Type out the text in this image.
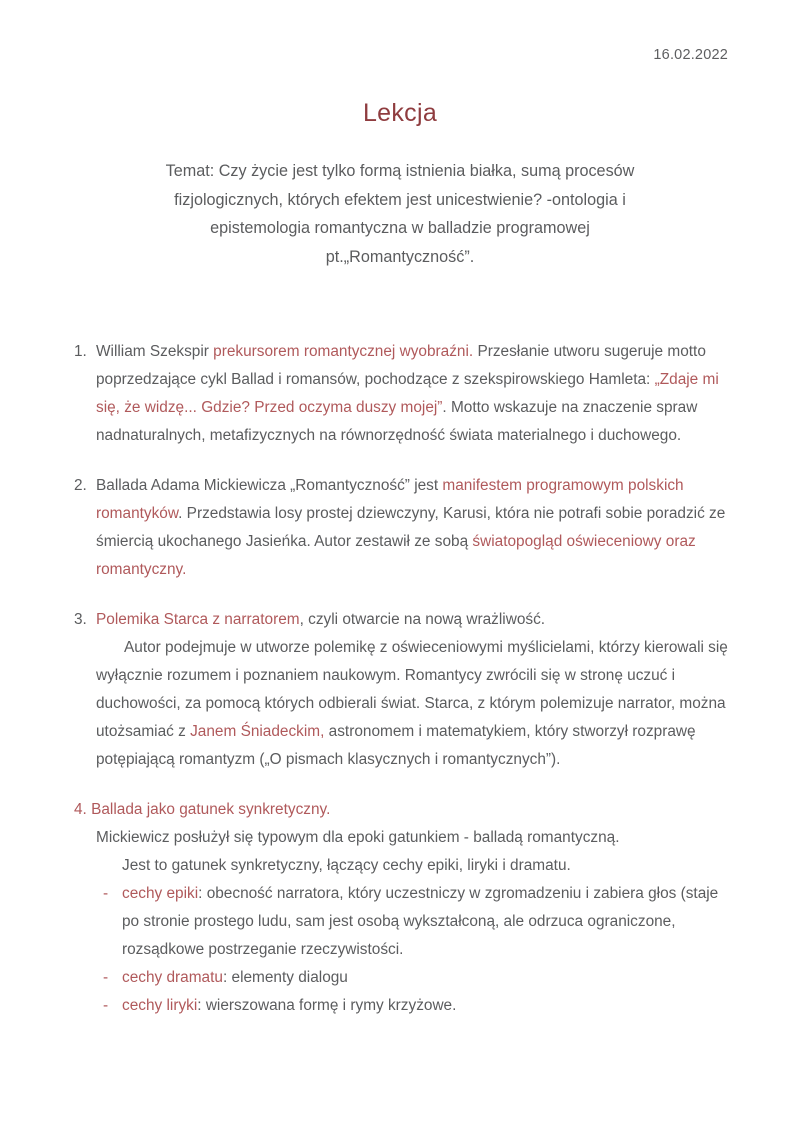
16.02.2022
Lekcja
Temat: Czy życie jest tylko formą istnienia białka, sumą procesów
fizjologicznych, których efektem jest unicestwienie? -ontologia i
epistemologia romantyczna w balladzie programowej
pt.„Romantyczność”.
1. William Szekspir prekursorem romantycznej wyobraźni. Przesłanie utworu sugeruje motto poprzedzające cykl Ballad i romansów, pochodzące z szekspirowskiego Hamleta: „Zdaje mi się, że widzę... Gdzie? Przed oczyma duszy mojej”. Motto wskazuje na znaczenie spraw nadnaturalnych, metafizycznych na równorzędność świata materialnego i duchowego.

2. Ballada Adama Mickiewicza „Romantyczność” jest manifestem programowym polskich romantyków. Przedstawia losy prostej dziewczyny, Karusi, która nie potrafi sobie poradzić ze śmiercią ukochanego Jasieńka. Autor zestawił ze sobą światopogląd oświeceniowy oraz romantyczny.

3. Polemika Starca z narratorem, czyli otwarcie na nową wrażliwość.

Autor podejmuje w utworze polemikę z oświeceniowymi myślicielami, którzy kierowali się wyłącznie rozumem i poznaniem naukowym. Romantycy zwrócili się w stronę uczuć i duchowości, za pomocą których odbierali świat. Starca, z którym polemizuje narrator, można utożsamiać z Janem Śniadeckim, astronomem i matematykiem, który stworzył rozprawę potępiającą romantyzm („O pismach klasycznych i romantycznych”).

4. Ballada jako gatunek synkretyczny.

Mickiewicz posłużył się typowym dla epoki gatunkiem - balladą romantyczną.

Jest to gatunek synkretyczny, łączący cechy epiki, liryki i dramatu.

- cechy epiki: obecność narratora, który uczestniczy w zgromadzeniu i zabiera głos (staje po stronie prostego ludu, sam jest osobą wykształconą, ale odrzuca ograniczone, rozsądkowe postrzeganie rzeczywistości.

- cechy dramatu: elementy dialogu

- cechy liryki: wierszowana formę i rymy krzyżowe.
